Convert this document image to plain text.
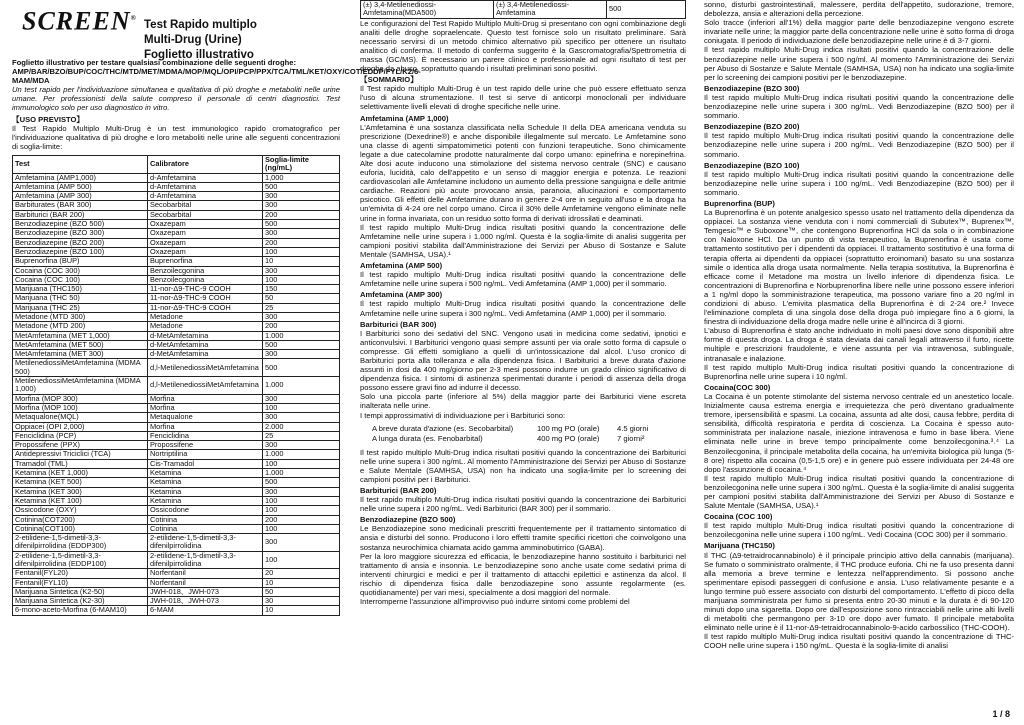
SCREEN®
Test Rapido multiplo
Multi-Drug (Urine)
Foglietto illustrativo

Foglietto illustrativo per testare qualsiasi combinazione delle seguenti droghe:

AMP/BAR/BZO/BUP/COC/THC/MTD/MET/MDMA/MOP/MQL/OPI/PCP/PPX/TCA/TML/KET/OXY/COT/EDDP/FYL/K2/6-MAM/MDA

Un test rapido per l'individuazione simultanea e qualitativa di più droghe e metaboliti nelle urine umane. Per professionisti della salute compreso il personale di centri diagnostici. Test immunologico solo per uso diagnostico in vitro.

【USO PREVISTO】

Il Test Rapido Multiplo Multi-Drug è un test immunologico rapido cromatografico per l'individuazione qualitativa di più droghe e loro metaboliti nelle urine alle seguenti concentrazioni di soglia-limite:

Test	Calibratore	Soglia-limite (ng/mL)
Amfetamina (AMP1,000)	d-Amfetamina	1,000
Amfetamina (AMP 500)	d-Amfetamina	500
Amfetamina (AMP 300)	d-Amfetamina	300
Barbiturates (BAR 300)	Secobarbital	300
Barbiturici (BAR 200)	Secobarbital	200
Benzodiazepine (BZO 500)	Oxazepam	500
Benzodiazepine (BZO 300)	Oxazepam	300
Benzodiazepine (BZO 200)	Oxazepam	200
Benzodiazepine (BZO 100)	Oxazepam	100
Buprenorfina (BUP)	Buprenorfina	10
Cocaina (COC 300)	Benzoilecgonina	300
Cocaina (COC 100)	Benzoilecgonina	100
Marijuana (THC150)	11-nor-Δ9-THC-9 COOH	150
Marijuana (THC 50)	11-nor-Δ9-THC-9 COOH	50
Marijuana (THC 25)	11-nor-Δ9-THC-9 COOH	25
Metadone (MTD 300)	Metadone	300
Metadone (MTD 200)	Metadone	200
MetAmfetamina (MET 1,000)	d-MetAmfetamina	1.000
MetAmfetamina (MET 500)	d-MetAmfetamina	500
MetAmfetamina (MET 300)	d-MetAmfetamina	300
MetilenediossiMetAmfetamina (MDMA 500)	d,l-MetilenediossiMetAmfetamina	500
MetilenediossiMetAmfetamina (MDMA 1,000)	d,l-MetilenediossiMetAmfetamina	1.000
Morfina (MOP 300)	Morfina	300
Morfina (MOP 100)	Morfina	100
Metaqualone(MQL)	Metaqualone	300
Oppiacei (OPI 2,000)	Morfina	2.000
Fenciclidina (PCP)	Fenciclidina	25
Propossifene (PPX)	Propossifene	300
Antidepressivi Triciclici (TCA)	Nortriptilina	1.000
Tramadol (TML)	Cis-Tramadol	100
Ketamina (KET 1,000)	Ketamina	1.000
Ketamina (KET 500)	Ketamina	500
Ketamina (KET 300)	Ketamina	300
Ketamina (KET 100)	Ketamina	100
Ossicodone (OXY)	Ossicodone	100
Cotinina(COT200)	Cotinina	200
Cotinina(COT100)	Cotinina	100
2-etilidene-1,5-dimetil-3,3-difenilpirrolidina (EDDP300)	2-etilidene-1,5-dimetil-3,3-difenilpirrolidina	300
2-etilidene-1,5-dimetil-3,3-difenilpirrolidina (EDDP100)	2-etilidene-1,5-dimetil-3,3-difenilpirrolidina	100
Fentanil(FYL20)	Norfentanil	20
Fentanil(FYL10)	Norfentanil	10
Marijuana Sintetica (K2-50)	JWH-018、JWH-073	50
Marijuana Sintetica (K2-30)	JWH-018、JWH-073	30
6-mono-aceto-Morfina (6-MAM10)	6-MAM	10
(±) 3,4-Metilenediossi-Amfetamina(MDA500)	(±) 3,4-Metilenediossi-Amfetamina	500

Le configurazioni del Test Rapido Multiplo Multi-Drug si presentano con ogni combinazione degli analiti delle droghe sopraelencate. Questo test fornisce solo un risultato preliminare. Sarà necessario servirsi di un metodo chimico alternativo più specifico per ottenere un risultato analitico di conferma. Il metodo di conferma suggerito è la Gascromatografia/Spettrometria di massa (GC/MS). È necessario un parere clinico e professionale ad ogni risultato di test per droghe da abuso, soprattutto quando i risultati preliminari sono positivi.

【SOMMARIO】

Il Test rapido multiplo Multi-Drug è un test rapido delle urine che può essere effettuato senza l'uso di alcuna strumentazione. Il test si serve di anticorpi monoclonali per individuare selettivamente livelli elevati di droghe specifiche nelle urine.

Amfetamina (AMP 1,000)

L'Amfetamina è una sostanza classificata nella Schedule II della DEA americana venduta su prescrizione (Dexedrine®) e anche disponibile illegalmente sul mercato. Le Amfetamine sono una classe di agenti simpatomimetici potenti con funzioni terapeutiche. Sono chimicamente legate a due catecolamine prodotte naturalmente dal corpo umano: epinefrina e norepinefrina. Alte dosi acute inducono una stimolazione del sistema nervoso centrale (SNC) e causano euforia, lucidità, calo dell'appetito e un senso di maggior energia e potenza. Le reazioni cardiovascolari alle Amfetamine includono un aumento della pressione sanguigna e delle aritmie cardiache. Reazioni più acute provocano ansia, paranoia, allucinazioni e comportamento psicotico. Gli effetti delle Amfetamine durano in genere 2-4 ore in seguito all'uso e la droga ha un'emivita di 4-24 ore nel corpo umano. Circa il 30% delle Amfetamine vengono eliminate nelle urine in forma invariata, con un residuo sotto forma di derivati idrossilati e deaminati.

Il test rapido multiplo Multi-Drug indica risultati positivi quando la concentrazione delle Amfetamine nelle urine supera i 1.000 ng/ml. Questa è la soglia-limite di analisi suggerita per campioni positivi stabilita dall'Amministrazione dei Servizi per Abuso di Sostanze e Salute Mentale (SAMHSA, USA).¹

Amfetamina (AMP 500)

Il test rapido multiplo Multi-Drug indica risultati positivi quando la concentrazione delle Amfetamine nelle urine supera i 500 ng/mL. Vedi Amfetamina (AMP 1,000) per il sommario.

Amfetamina (AMP 300)

Il test rapido multiplo Multi-Drug indica risultati positivi quando la concentrazione delle Amfetamine nelle urine supera i 300 ng/mL. Vedi Amfetamina (AMP 1,000) per il sommario.

Barbiturici (BAR 300)

I Barbiturici sono dei sedativi del SNC. Vengono usati in medicina come sedativi, ipnotici e anticonvulsivi. I Barbiturici vengono quasi sempre assunti per via orale sotto forma di capsule o compresse. Gli effetti somigliano a quelli di un'intossicazione dal alcol. L'uso cronico di Barbiturici porta alla tolleranza e alla dipendenza fisica. I Barbiturici a breve durata d'azione assunti in dosi da 400 mg/giorno per 2-3 mesi possono indurre un grado clinico significativo di dipendenza fisica. I sintomi di astinenza sperimentati durante i periodi di assenza della droga possono essere gravi fino ad indurre il decesso.

Solo una piccola parte (inferiore al 5%) della maggior parte dei Barbiturici viene escreta inalterata nelle urine.

I tempi approssimativi di individuazione per i Barbiturici sono:

A breve durata d'azione (es. Secobarbital)	100 mg PO (orale)	4.5 giorni
A lunga durata (es. Fenobarbital)	400 mg PO (orale)	7 giorni²

Il test rapido multiplo Multi-Drug indica risultati positivi quando la concentrazione dei Barbiturici nelle urine supera i 300 ng/mL. Al momento l'Amministrazione dei Servizi per Abuso di Sostanze e Salute Mentale (SAMHSA, USA) non ha indicato una soglia-limite per lo screening dei campioni positivi per i Barbiturici.

Barbiturici (BAR 200)

Il test rapido multiplo Multi-Drug indica risultati positivi quando la concentrazione dei Barbiturici nelle urine supera i 200 ng/mL. Vedi Barbiturici (BAR 300) per il sommario.

Benzodiazepine (BZO 500)

Le Benzodiazepine sono medicinali prescritti frequentemente per il trattamento sintomatico di ansia e disturbi del sonno. Producono i loro effetti tramite specifici ricettori che coinvolgono una sostanza neurochimica chiamata acido gamma amminobutirrico (GABA).

Per la loro maggiore sicurezza ed efficacia, le benzodiazepine hanno sostituito i barbiturici nel trattamento di ansia e insonnia. Le benzodiazepine sono anche usate come sedativi prima di interventi chirurgici e medici e per il trattamento di attacchi epilettici e astinenza da alcol. Il rischio di dipendenza fisica dalle benzodiazepine sono assunte regolarmente (es. quotidianamente) per vari mesi, specialmente a dosi maggiori del normale.

Interromperne l'assunzione all'improvviso può indurre sintomi come problemi del

sonno, disturbi gastrointestinali, malessere, perdita dell'appetito, sudorazione, tremore, debolezza, ansia e alterazioni della percezione.

Solo tracce (inferiori all'1%) della maggior parte delle benzodiazepine vengono escrete invariate nelle urine; la maggior parte della concentrazione nelle urine è sotto forma di droga coniugata. Il periodo di individuazione delle benzodiazepine nelle urine è di 3-7 giorni.

Il test rapido multiplo Multi-Drug indica risultati positivi quando la concentrazione delle benzodiazepine nelle urine supera i 500 ng/ml. Al momento l'Amministrazione dei Servizi per Abuso di Sostanze e Salute Mentale (SAMHSA, USA) non ha indicato una soglia-limite per lo screening dei campioni positivi per le benzodiazepine.

Benzodiazepine (BZO 300)

Il test rapido multiplo Multi-Drug indica risultati positivi quando la concentrazione delle benzodiazepine nelle urine supera i 300 ng/mL. Vedi Benzodiazepine (BZO 500) per il sommario.

Benzodiazepine (BZO 200)

Il test rapido multiplo Multi-Drug indica risultati positivi quando la concentrazione delle benzodiazepine nelle urine supera i 200 ng/mL. Vedi Benzodiazepine (BZO 500) per il sommario.

Benzodiazepine (BZO 100)

Il test rapido multiplo Multi-Drug indica risultati positivi quando la concentrazione delle benzodiazepine nelle urine supera i 100 ng/mL. Vedi Benzodiazepine (BZO 500) per il sommario.

Buprenorfina (BUP)

La Buprenorfina è un potente analgesico spesso usato nel trattamento della dipendenza da oppiacei. La sostanza viene venduta con i nomi commerciali di Subutex™, Buprenex™, Temgesic™ e Suboxone™, che contengono Buprenorfina HCl da sola o in combinazione con Naloxone HCl. Da un punto di vista terapeutico, la Buprenorfina è usata come trattamento sostitutivo per i dipendenti da oppiacei. Il trattamento sostitutivo è una forma di terapia offerta ai dipendenti da oppiacei (soprattutto eroinomani) basato su una sostanza simile o identica alla droga usata normalmente. Nella terapia sostitutiva, la Buprenorfina è efficace come il Metadone ma mostra un livello inferiore di dipendenza fisica. Le concentrazioni di Buprenorfina e Norbuprenorfina libere nelle urine possono essere inferiori a 1 ng/ml dopo la somministrazione terapeutica, ma possono variare fino a 20 ng/ml in condizioni di abuso. L'emivita plasmatica della Buprenorfina è di 2-24 ore.² Invece l'eliminazione completa di una singola dose della droga può impiegare fino a 6 giorni, la finestra di individuazione della droga madre nelle urine è all'incirca di 3 giorni.

L'abuso di Buprenorfina è stato anche individuato in molti paesi dove sono disponibili altre forme di questa droga. La droga è stata deviata dai canali legali attraverso il furto, ricette multiple e prescrizioni fraudolente, e viene assunta per via intravenosa, sublinguale, intranasale e inalazione.

Il test rapido multiplo Multi-Drug indica risultati positivi quando la concentrazione di Buprenorfina nelle urine supera i 10 ng/ml.

Cocaina(COC 300)

La Cocaina è un potente stimolante del sistema nervoso centrale ed un anestetico locale. Inizialmente causa estrema energia e irrequietezza che però diventano gradualmente tremore, ipersensibilità e spasmi. La cocaina, assunta ad alte dosi, causa febbre, perdita di sensibilità, difficoltà respiratoria e perdita di coscienza. La Cocaina è spesso auto-somministrata per inalazione nasale, iniezione intravenosa e fumo in base libera. Viene eliminata nelle urine in breve tempo principalmente come benzoilecgonina.³˒⁴ La Benzoilecgonina, il principale metabolita della cocaina, ha un'emivita biologica più lunga (5-8 ore) rispetto alla cocaina (0,5-1,5 ore) e in genere può essere individuata per 24-48 ore dopo l'assunzione di cocaina.⁴

Il test rapido multiplo Multi-Drug indica risultati positivi quando la concentrazione di benzoilecgonina nelle urine supera i 300 ng/mL. Questa è la soglia-limite di analisi suggerita per campioni positivi stabilita dall'Amministrazione dei Servizi per Abuso di Sostanze e Salute Mentale (SAMHSA, USA).¹

Cocaina (COC 100)

Il test rapido multiplo Multi-Drug indica risultati positivi quando la concentrazione di benzoilecgonina nelle urine supera i 100 ng/mL. Vedi Cocaina (COC 300) per il sommario.

Marijuana (THC150)

Il THC (Δ9-tetraidrocannabinolo) è il principale principio attivo della cannabis (marijuana). Se fumato o somministrato oralmente, il THC produce euforia. Chi ne fa uso presenta danni alla memoria a breve termine e lentezza nell'apprendimento. Si possono anche sperimentare episodi passeggeri di confusione e ansia. L'uso relativamente pesante e a lungo termine può essere associato con disturbi del comportamento. L'effetto di picco della marijuana somministrata per fumo si presenta entro 20-30 minuti e la durata è di 90-120 minuti dopo una sigaretta. Dopo ore dall'esposizione sono rintracciabili nelle urine alti livelli di metaboliti che permangono per 3-10 ore dopo aver fumato. Il principale metabolita eliminato nelle urine è il 11-nor-Δ9-tetraidrocannabinolo-9-acido carbossilico (THC-COOH).

Il test rapido multiplo Multi-Drug indica risultati positivi quando la concentrazione di THC-COOH nelle urine supera i 150 ng/mL. Questa è la soglia-limite di analisi

1 / 8
